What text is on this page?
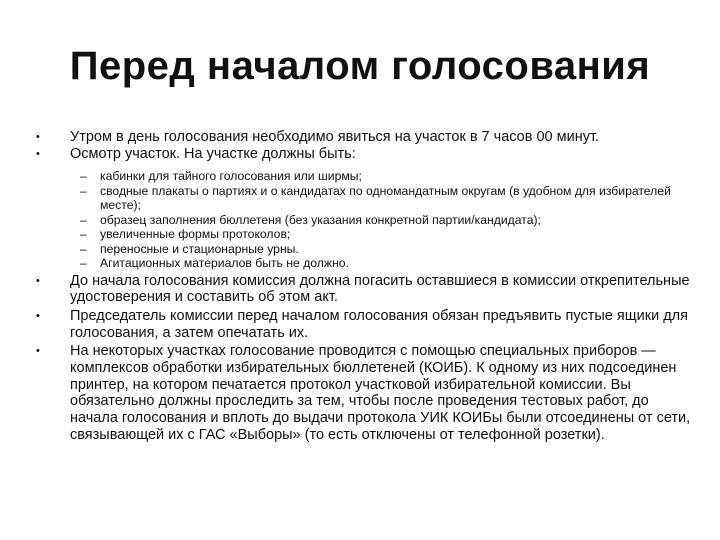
Перед началом голосования
•	Утром в день голосования необходимо явиться на участок в 7 часов 00 минут.
•	Осмотр участок. На участке должны быть:
–	кабинки для тайного голосования или ширмы;
–	сводные плакаты о партиях и о кандидатах по одномандатным округам (в удобном для избирателей месте);
–	образец заполнения бюллетеня (без указания конкретной партии/кандидата);
–	увеличенные формы протоколов;
–	переносные и стационарные урны.
–	Агитационных материалов быть не должно.
•	До начала голосования комиссия должна погасить оставшиеся в комиссии открепительные удостоверения и составить об этом акт.
•	Председатель комиссии перед началом голосования обязан предъявить пустые ящики для голосования, а затем опечатать их.
•	На некоторых участках голосование проводится с помощью специальных приборов — комплексов обработки избирательных бюллетеней (КОИБ). К одному из них подсоединен принтер, на котором печатается протокол участковой избирательной комиссии. Вы обязательно должны проследить за тем, чтобы после проведения тестовых работ, до начала голосования и вплоть до выдачи протокола УИК КОИБы были отсоединены от сети, связывающей их с ГАС «Выборы» (то есть отключены от телефонной розетки).
